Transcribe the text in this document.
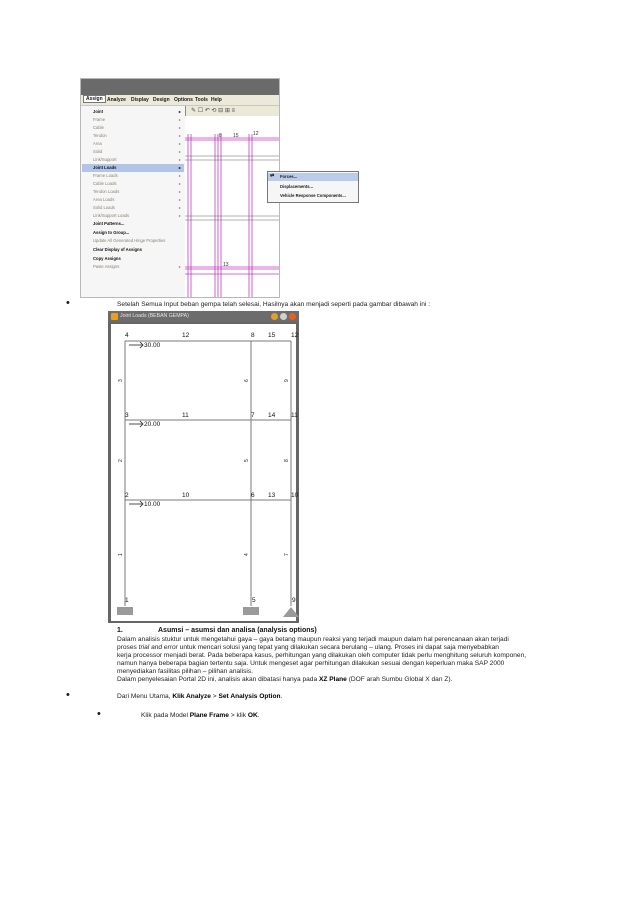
Assign Analyze Display Design Options Tools Help
✎ ☐ ↶ ⟲ ⊟ ⊞ ≡
Joint	▸
Frame	▸
Cable	▸
Tendon	▸
Area	▸
Solid	▸
Link/Support	▸
Joint Loads	▸
Frame Loads	▸
Cable Loads	▸
Tendon Loads	▸
Area Loads	▸
Solid Loads	▸
Link/Support Loads	▸
Joint Patterns...
Assign to Group...
Update All Generated Hinge Properties
Clear Display of Assigns
Copy Assigns
Paste Assigns	▸
8 15	12
13
Forces...
Displacements...
Vehicle Response Components...
⇄
•	Setelah Semua Input beban gempa telah selesai, Hasilnya akan menjadi seperti pada gambar dibawah ini :
Joint Loads (BEBAN GEMPA)
4
30.00
3
20.00
2
10.00
1
12
11
10
8 15 12
7 14 11
6 13 10
5	9
3
2
1
6
5
4
9
8
7
1.	Asumsi – asumsi dan analisa (analysis options)
Dalam analisis stuktur untuk mengetahui gaya – gaya betang maupun reaksi yang terjadi maupun dalam hal perencanaan akan terjadi
proses trial and error untuk mencari solusi yang tepat yang dilakukan secara berulang – ulang. Proses ini dapat saja menyebabkan
kerja processor menjadi berat. Pada beberapa kasus, perhitungan yang dilakukan oleh computer tidak perlu menghitung seluruh komponen,
namun hanya beberapa bagian tertentu saja. Untuk mengeset agar perhitungan dilakukan sesuai dengan keperluan maka SAP 2000
menyediakan fasilitas pilihan – pilihan analisis.
Dalam penyelesaian Portal 2D ini, analisis akan dibatasi hanya pada XZ Plane (DOF arah Sumbu Global X dan Z).
•	Dari Menu Utama, Klik Analyze > Set Analysis Option.
•	Klik pada Model Plane Frame > klik OK.
